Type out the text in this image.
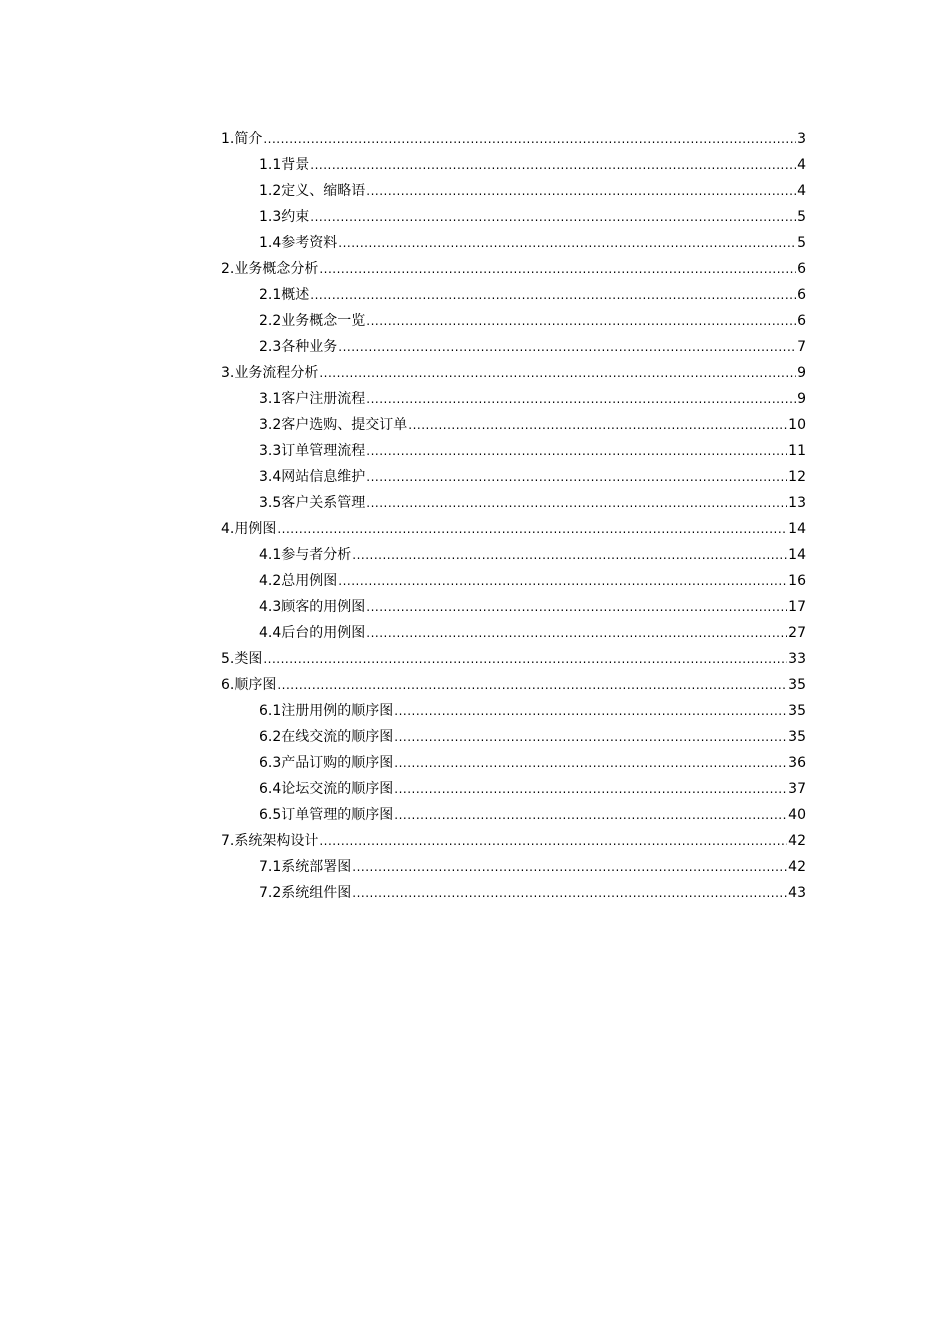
1. 简介 .....	3
1.1 背景 .....	4
1.2 定义、缩略语 .....	4
1.3 约束 .....	5
1.4 参考资料 .....	5
2. 业务概念分析 .....	6
2.1 概述 .....	6
2.2 业务概念一览 .....	6
2.3 各种业务 .....	7
3. 业务流程分析 .....	9
3.1 客户注册流程 .....	9
3.2 客户选购、提交订单 .....	10
3.3 订单管理流程 .....	11
3.4 网站信息维护 .....	12
3.5 客户关系管理 .....	13
4. 用例图 .....	14
4.1 参与者分析 .....	14
4.2 总用例图 .....	16
4.3 顾客的用例图 .....	17
4.4 后台的用例图 .....	27
5. 类图 .....	33
6. 顺序图 .....	35
6.1 注册用例的顺序图 .....	35
6.2 在线交流的顺序图 .....	35
6.3 产品订购的顺序图 .....	36
6.4 论坛交流的顺序图 .....	37
6.5 订单管理的顺序图 .....	40
7. 系统架构设计 .....	42
7.1 系统部署图 .....	42
7.2 系统组件图 .....	43
